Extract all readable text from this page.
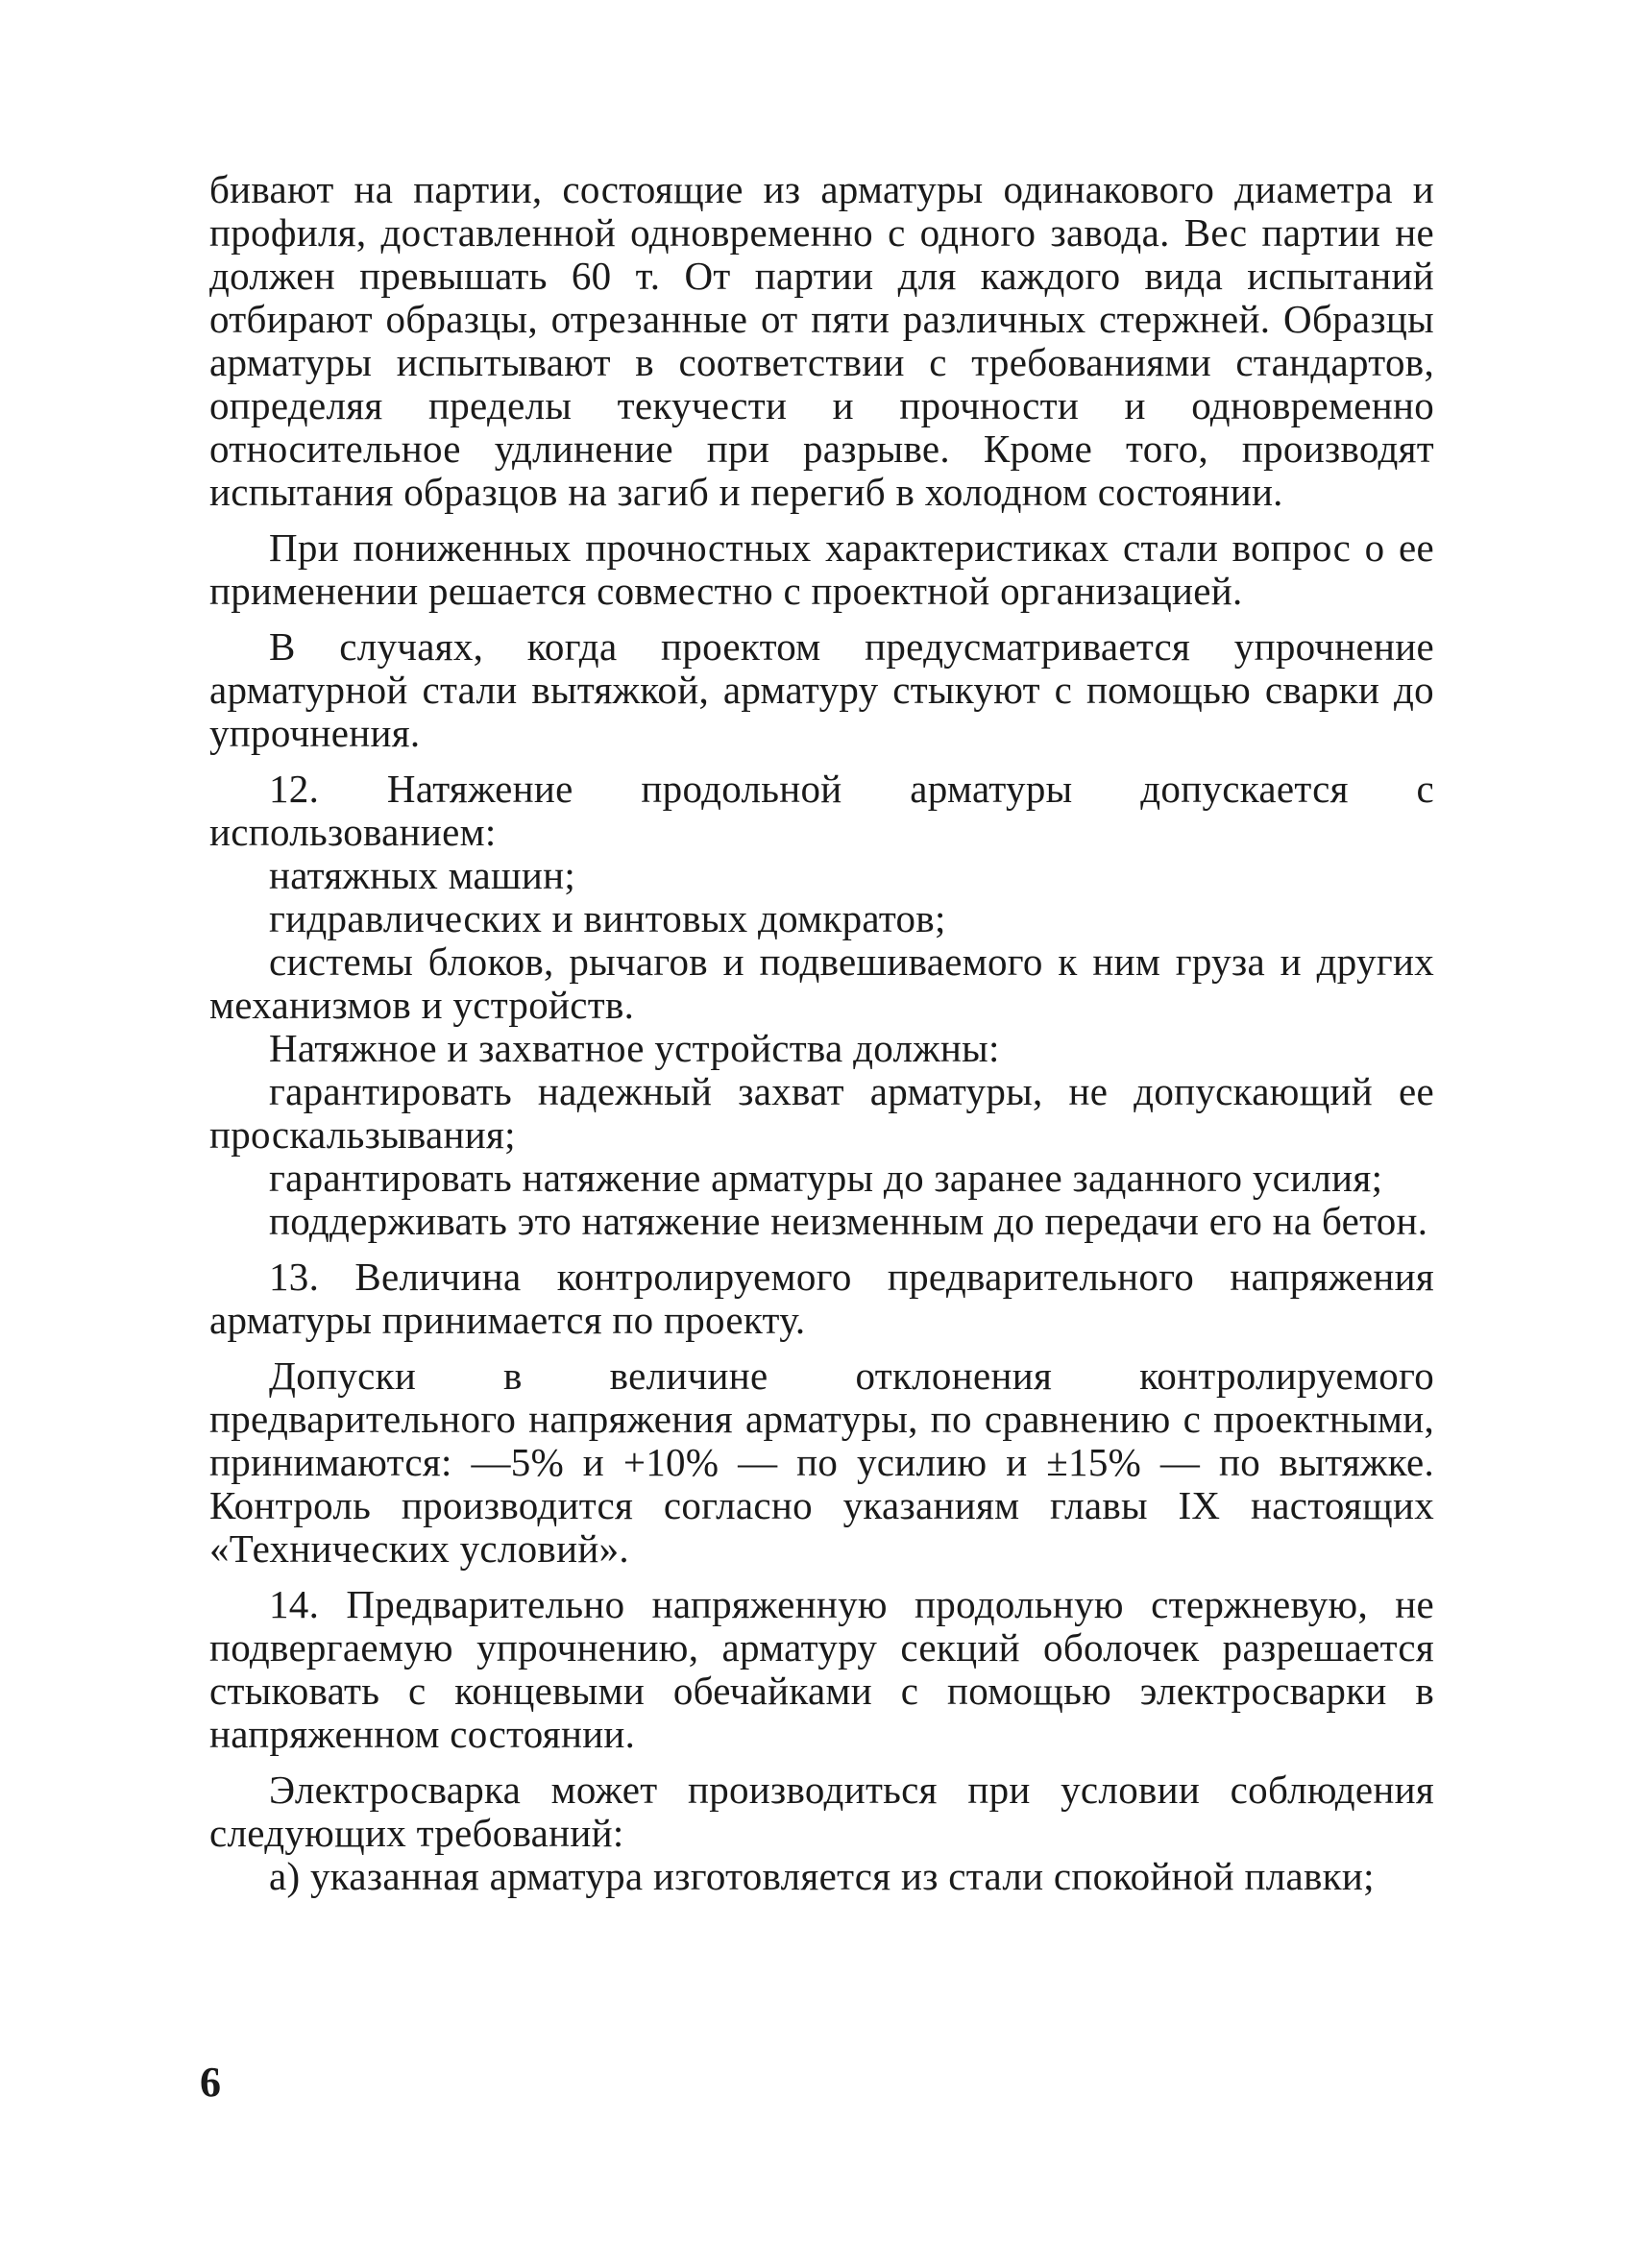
бивают на партии, состоящие из арматуры одинакового диаметра и профиля, доставленной одновременно с одного завода. Вес партии не должен превышать 60 т. От партии для каждого вида испытаний отбирают образцы, отрезанные от пяти различных стержней. Образцы арматуры испытывают в соответствии с требованиями стандартов, определяя пределы текучести и прочности и одновременно относительное удлинение при разрыве. Кроме того, производят испытания образцов на загиб и перегиб в холодном состоянии.

При пониженных прочностных характеристиках стали вопрос о ее применении решается совместно с проектной организацией.

В случаях, когда проектом предусматривается упрочнение арматурной стали вытяжкой, арматуру стыкуют с помощью сварки до упрочнения.

12. Натяжение продольной арматуры допускается с использованием:

натяжных машин;

гидравлических и винтовых домкратов;

системы блоков, рычагов и подвешиваемого к ним груза и других механизмов и устройств.

Натяжное и захватное устройства должны:

гарантировать надежный захват арматуры, не допускающий ее проскальзывания;

гарантировать натяжение арматуры до заранее заданного усилия;

поддерживать это натяжение неизменным до передачи его на бетон.

13. Величина контролируемого предварительного напряжения арматуры принимается по проекту.

Допуски в величине отклонения контролируемого предварительного напряжения арматуры, по сравнению с проектными, принимаются: —5% и +10% — по усилию и ±15% — по вытяжке. Контроль производится согласно указаниям главы IX настоящих «Технических условий».

14. Предварительно напряженную продольную стержневую, не подвергаемую упрочнению, арматуру секций оболочек разрешается стыковать с концевыми обечайками с помощью электросварки в напряженном состоянии.

Электросварка может производиться при условии соблюдения следующих требований:

а) указанная арматура изготовляется из стали спокойной плавки;

6
